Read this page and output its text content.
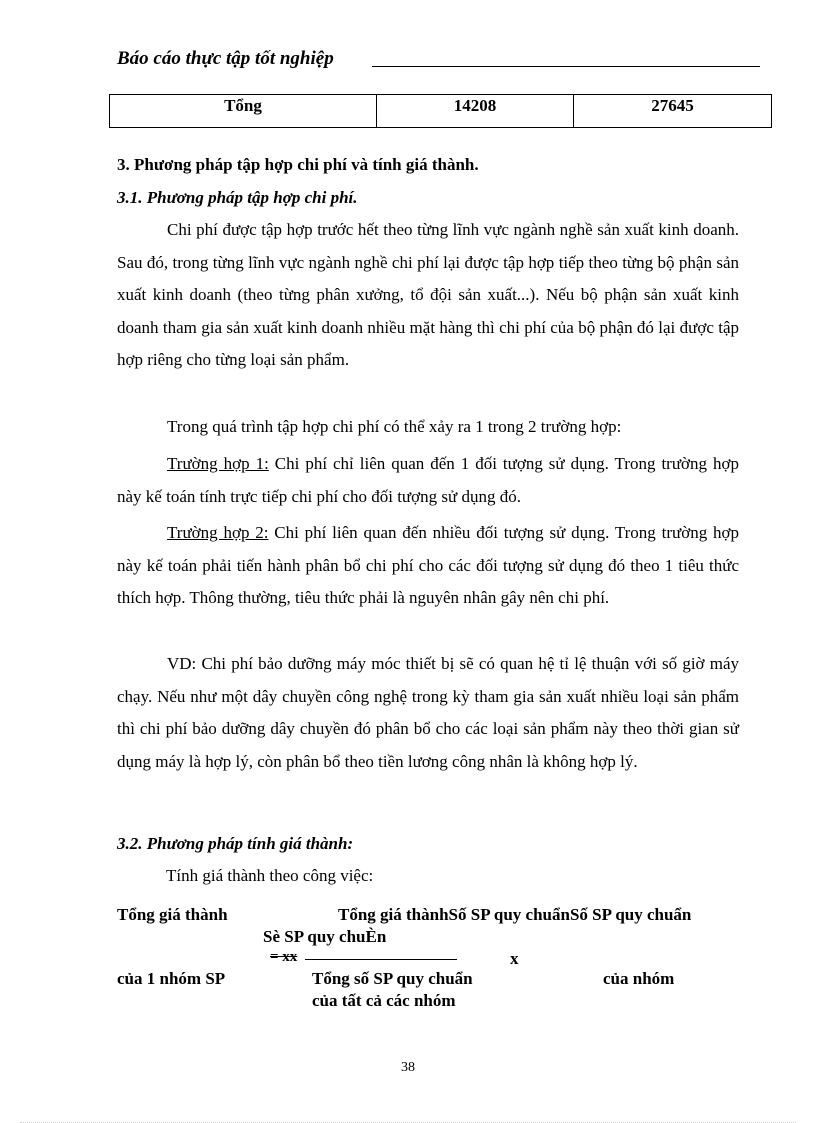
Báo cáo thực tập tốt nghiệp
Tổng	14208	27645
3. Phương pháp tập hợp chi phí và tính giá thành.
3.1. Phương pháp tập hợp chi phí.
Chi phí được tập hợp trước hết theo từng lĩnh vực ngành nghề sản xuất kinh doanh. Sau đó, trong từng lĩnh vực ngành nghề chi phí lại được tập hợp tiếp theo từng bộ phận sản xuất kinh doanh (theo từng phân xưởng, tổ đội sản xuất...). Nếu bộ phận sản xuất kinh doanh tham gia sản xuất kinh doanh nhiều mặt hàng thì chi phí của bộ phận đó lại được tập hợp riêng cho từng loại sản phẩm.
Trong quá trình tập hợp chi phí có thể xảy ra 1 trong 2 trường hợp:
Trường hợp 1: Chi phí chỉ liên quan đến 1 đối tượng sử dụng. Trong trường hợp này kế toán tính trực tiếp chi phí cho đối tượng sử dụng đó.
Trường hợp 2: Chi phí liên quan đến nhiều đối tượng sử dụng. Trong trường hợp này kế toán phải tiến hành phân bổ chi phí cho các đối tượng sử dụng đó theo 1 tiêu thức thích hợp. Thông thường, tiêu thức phải là nguyên nhân gây nên chi phí.
VD: Chi phí bảo dưỡng máy móc thiết bị sẽ có quan hệ tỉ lệ thuận với số giờ máy chạy. Nếu như một dây chuyền công nghệ trong kỳ tham gia sản xuất nhiều loại sản phẩm thì chi phí bảo dưỡng dây chuyền đó phân bổ cho các loại sản phẩm này theo thời gian sử dụng máy là hợp lý, còn phân bổ theo tiền lương công nhân là không hợp lý.
3.2. Phương pháp tính giá thành:
Tính giá thành theo công việc:
Tổng giá thành	Tổng giá thànhSố SP quy chuẩnSố SP quy chuẩn
Sè SP quy chuÈn
= xx	x
của 1 nhóm SP	Tổng số SP quy chuẩn	của nhóm
của tất cả các nhóm
38
